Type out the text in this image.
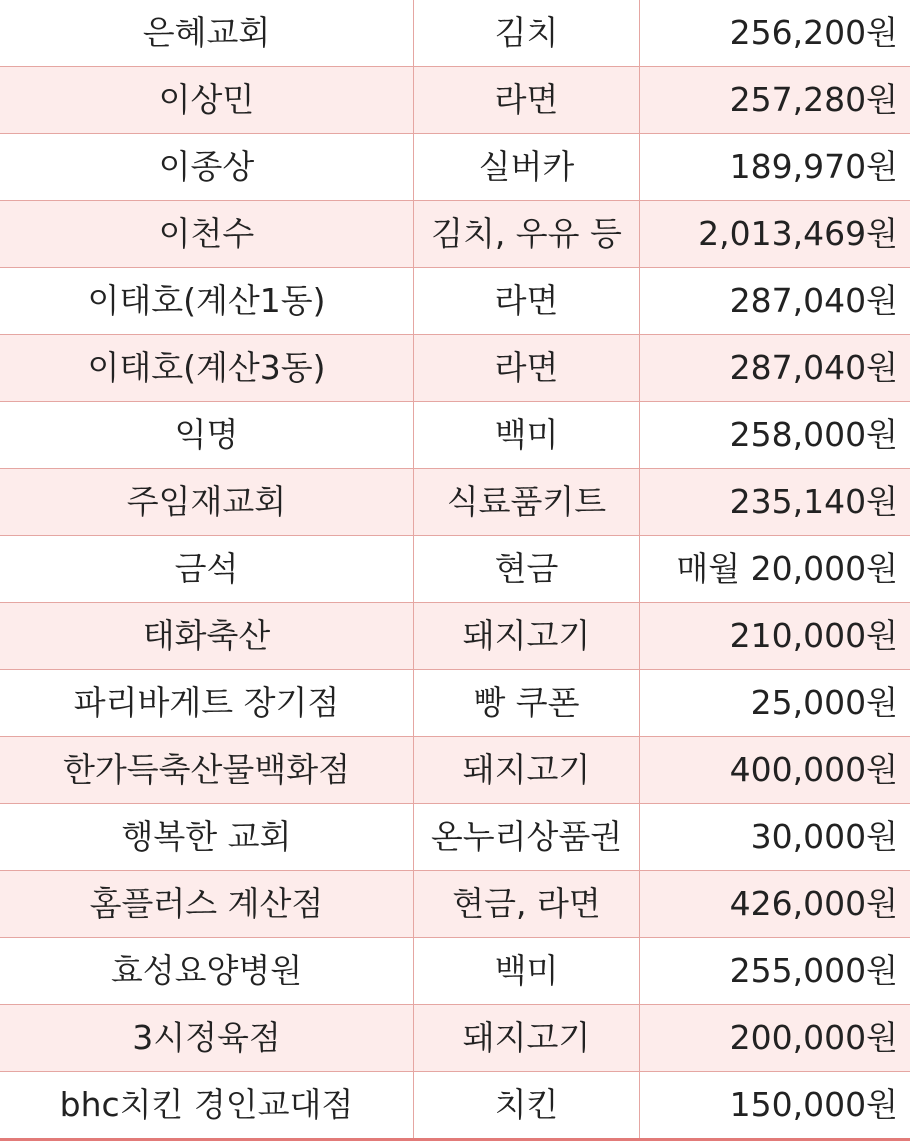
은혜교회	김치	256,200원
이상민	라면	257,280원
이종상	실버카	189,970원
이천수	김치, 우유 등	2,013,469원
이태호(계산1동)	라면	287,040원
이태호(계산3동)	라면	287,040원
익명	백미	258,000원
주임재교회	식료품키트	235,140원
금석	현금	매월 20,000원
태화축산	돼지고기	210,000원
파리바게트 장기점	빵 쿠폰	25,000원
한가득축산물백화점	돼지고기	400,000원
행복한 교회	온누리상품권	30,000원
홈플러스 계산점	현금, 라면	426,000원
효성요양병원	백미	255,000원
3시정육점	돼지고기	200,000원
bhc치킨 경인교대점	치킨	150,000원
